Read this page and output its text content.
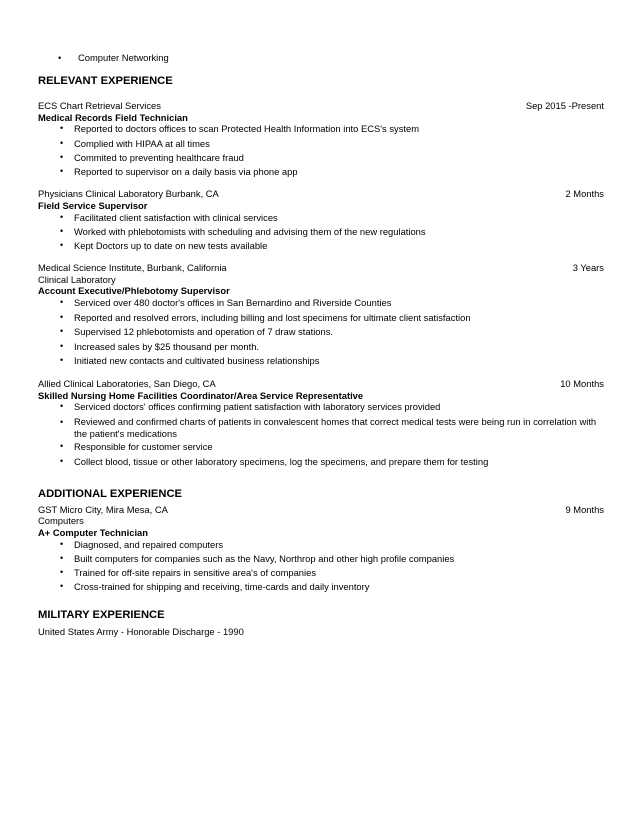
• Computer Networking
RELEVANT EXPERIENCE
ECS Chart Retrieval Services	Sep 2015 -Present
Medical Records Field Technician
• Reported to doctors offices to scan Protected Health Information into ECS's system
• Complied with HIPAA at all times
• Commited to preventing healthcare fraud
• Reported to supervisor on a daily basis via phone app
Physicians Clinical Laboratory Burbank, CA	2 Months
Field Service Supervisor
• Facilitated client satisfaction with clinical services
• Worked with phlebotomists with scheduling and advising them of the new regulations
• Kept Doctors up to date on new tests available
Medical Science Institute, Burbank, California	3 Years
Clinical Laboratory
Account Executive/Phlebotomy Supervisor
• Serviced over 480 doctor's offices in San Bernardino and Riverside Counties
• Reported and resolved errors, including billing and lost specimens for ultimate client satisfaction
• Supervised 12 phlebotomists and operation of 7 draw stations.
• Increased sales by $25 thousand per month.
• Initiated new contacts and cultivated business relationships
Allied Clinical Laboratories, San Diego, CA	10 Months
Skilled Nursing Home Facilities Coordinator/Area Service Representative
• Serviced doctors' offices confirming patient satisfaction with laboratory services provided
• Reviewed and confirmed charts of patients in convalescent homes that correct medical tests were being run in correlation with the patient's medications
• Responsible for customer service
• Collect blood, tissue or other laboratory specimens, log the specimens, and prepare them for testing
ADDITIONAL EXPERIENCE
GST Micro City, Mira Mesa, CA	9 Months
Computers
A+ Computer Technician
• Diagnosed, and repaired computers
• Built computers for companies such as the Navy, Northrop and other high profile companies
• Trained for off-site repairs in sensitive area's of companies
• Cross-trained for shipping and receiving, time-cards and daily inventory
MILITARY EXPERIENCE
United States Army - Honorable Discharge - 1990
